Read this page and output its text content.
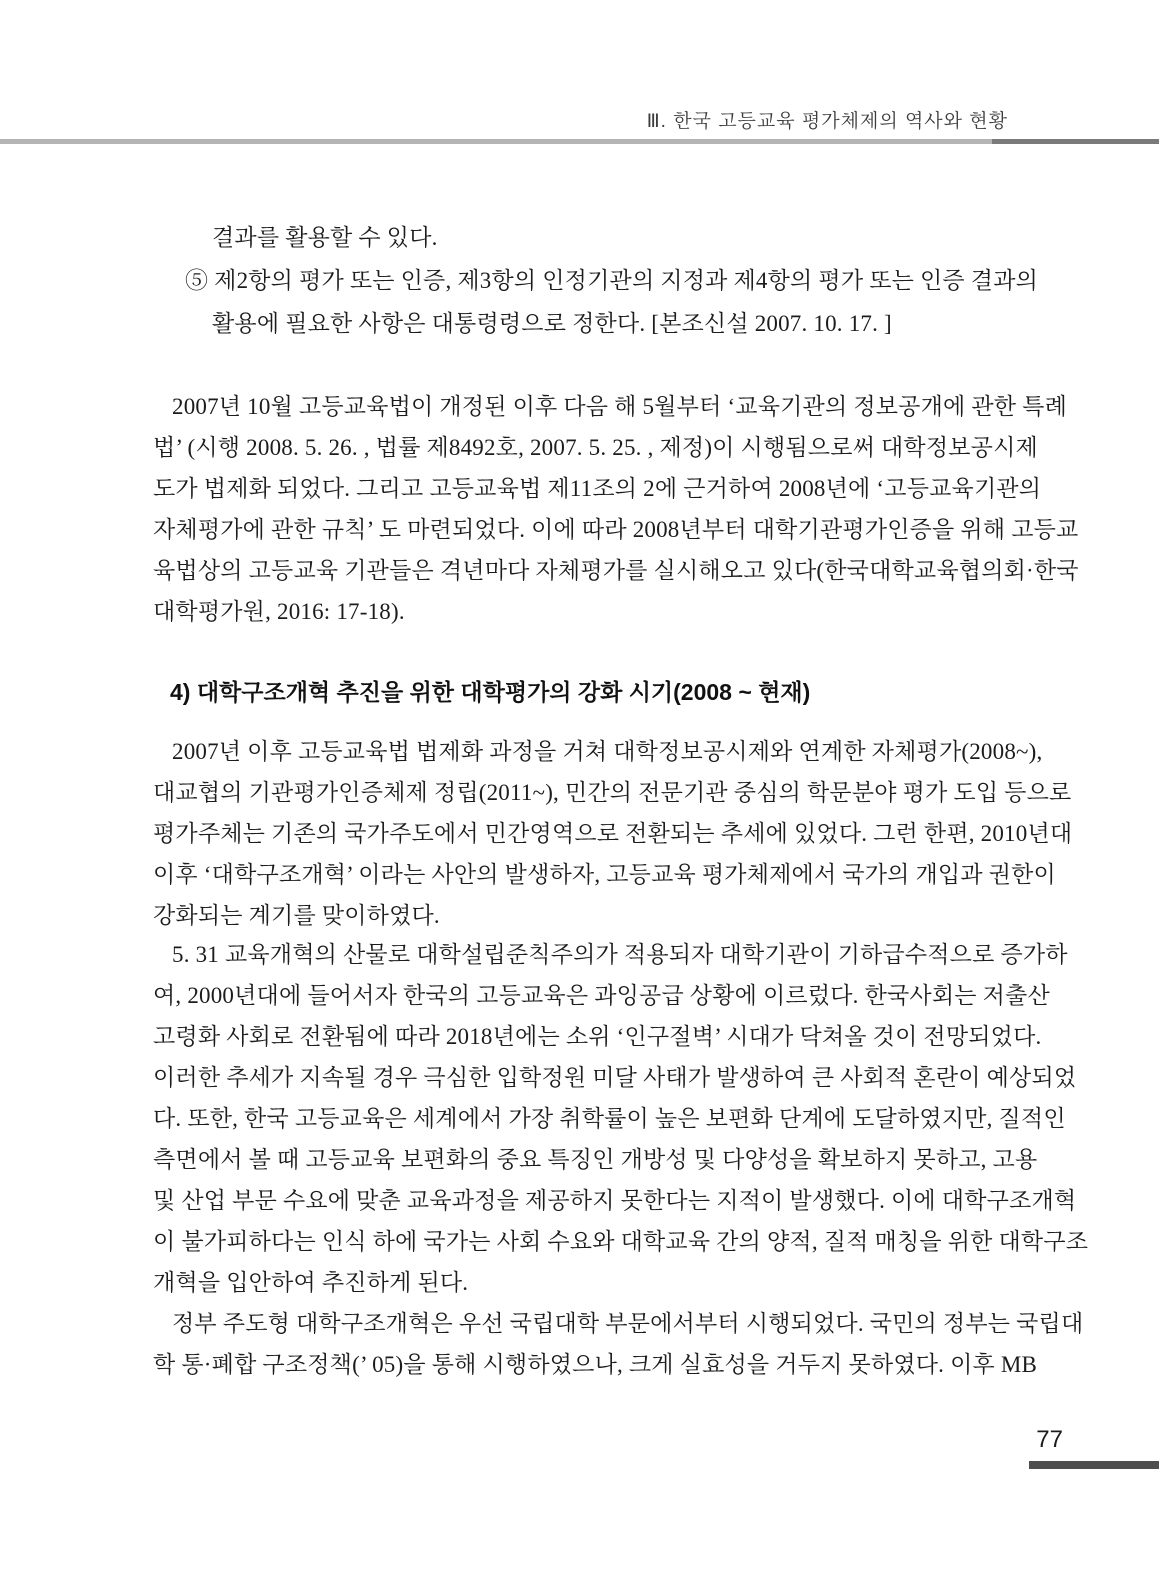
Ⅲ. 한국 고등교육 평가체제의 역사와 현황
결과를 활용할 수 있다.
⑤ 제2항의 평가 또는 인증, 제3항의 인정기관의 지정과 제4항의 평가 또는 인증 결과의
활용에 필요한 사항은 대통령령으로 정한다. [본조신설 2007. 10. 17. ]
2007년 10월 고등교육법이 개정된 이후 다음 해 5월부터 ‘교육기관의 정보공개에 관한 특례
법’ (시행 2008. 5. 26. , 법률 제8492호, 2007. 5. 25. , 제정)이 시행됨으로써 대학정보공시제
도가 법제화 되었다. 그리고 고등교육법 제11조의 2에 근거하여 2008년에 ‘고등교육기관의
자체평가에 관한 규칙’ 도 마련되었다. 이에 따라 2008년부터 대학기관평가인증을 위해 고등교
육법상의 고등교육 기관들은 격년마다 자체평가를 실시해오고 있다(한국대학교육협의회·한국
대학평가원, 2016: 17-18).
4) 대학구조개혁 추진을 위한 대학평가의 강화 시기(2008 ~ 현재)
2007년 이후 고등교육법 법제화 과정을 거쳐 대학정보공시제와 연계한 자체평가(2008~),
대교협의 기관평가인증체제 정립(2011~), 민간의 전문기관 중심의 학문분야 평가 도입 등으로
평가주체는 기존의 국가주도에서 민간영역으로 전환되는 추세에 있었다. 그런 한편, 2010년대
이후 ‘대학구조개혁’ 이라는 사안의 발생하자, 고등교육 평가체제에서 국가의 개입과 권한이
강화되는 계기를 맞이하였다.
5. 31 교육개혁의 산물로 대학설립준칙주의가 적용되자 대학기관이 기하급수적으로 증가하
여, 2000년대에 들어서자 한국의 고등교육은 과잉공급 상황에 이르렀다. 한국사회는 저출산
고령화 사회로 전환됨에 따라 2018년에는 소위 ‘인구절벽’ 시대가 닥쳐올 것이 전망되었다.
이러한 추세가 지속될 경우 극심한 입학정원 미달 사태가 발생하여 큰 사회적 혼란이 예상되었
다. 또한, 한국 고등교육은 세계에서 가장 취학률이 높은 보편화 단계에 도달하였지만, 질적인
측면에서 볼 때 고등교육 보편화의 중요 특징인 개방성 및 다양성을 확보하지 못하고, 고용
및 산업 부문 수요에 맞춘 교육과정을 제공하지 못한다는 지적이 발생했다. 이에 대학구조개혁
이 불가피하다는 인식 하에 국가는 사회 수요와 대학교육 간의 양적, 질적 매칭을 위한 대학구조
개혁을 입안하여 추진하게 된다.
정부 주도형 대학구조개혁은 우선 국립대학 부문에서부터 시행되었다. 국민의 정부는 국립대
학 통·폐합 구조정책(’ 05)을 통해 시행하였으나, 크게 실효성을 거두지 못하였다. 이후 MB
77
